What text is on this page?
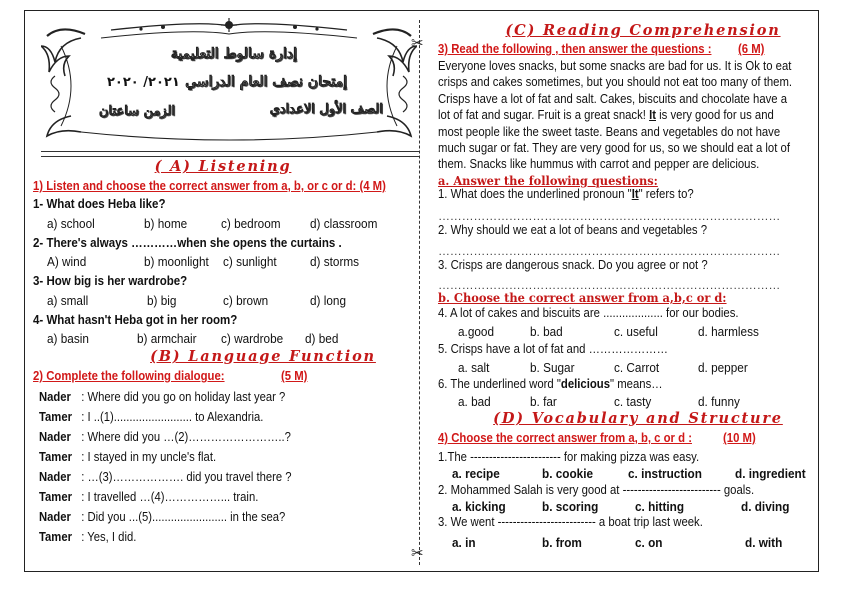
✂
✂
إدارة سالوط التعليمية
إمتحان نصف العام الدراسي
٢٠٢١/ ٢٠٢٠
الصف الأول الاعدادي
الزمن ساعتان
( A) Listening
1) Listen and choose the correct answer from a, b, or c or d: (4 M)
1- What does Heba like?
a) school	b) home	c) bedroom d) classroom
2- There's always …………when she opens the curtains .
A) wind	b) moonlight c) sunlight	d) storms
3- How big is her wardrobe?
a) small	b) big	c) brown	d) long
4- What hasn't Heba got in her room?
a) basin	b) armchair c) wardrobe d) bed
(B) Language Function
2) Complete the following dialogue:	(5 M)
Nader : Where did you go on holiday last year ?
Tamer : I ..(1)......................... to Alexandria.
Nader : Where did you …(2)……………………..?
Tamer : I stayed in my uncle's flat.
Nader : …(3)………………. did you travel there ?
Tamer : I travelled …(4)……………... train.
Nader : Did you ...(5)........................ in the sea?
Tamer : Yes, I did.
(C) Reading Comprehension
3) Read the following , then answer the questions : (6 M)
Everyone loves snacks, but some snacks are bad for us. It is Ok to eat
crisps and cakes sometimes, but you should not eat too many of them.
Crisps have a lot of fat and salt. Cakes, biscuits and chocolate have a
lot of fat and sugar. Fruit is a great snack! It is very good for us and
most people like the sweet taste. Beans and vegetables do not have
much sugar or fat. They are very good for us, so we should eat a lot of
them. Snacks like hummus with carrot and pepper are delicious.
a. Answer the following questions:
1. What does the underlined pronoun "It" refers to?
……………………………………………………………………………
2. Why should we eat a lot of beans and vegetables ?
……………………………………………………………………………
3. Crisps are dangerous snack. Do you agree or not ?
……………………………………………………………………………
b. Choose the correct answer from a,b,c or d:
4. A lot of cakes and biscuits are ................... for our bodies.
a.good	b. bad	c. useful	d. harmless
5. Crisps have a lot of fat and …………………
a. salt	b. Sugar	c. Carrot	d. pepper
6. The underlined word "delicious" means…
a. bad	b. far	c. tasty	d. funny
(D) Vocabulary and Structure
4) Choose the correct answer from a, b, c or d : (10 M)
1.The ------------------------ for making pizza was easy.
a. recipe	b. cookie	c. instruction	d. ingredient
2. Mohammed Salah is very good at -------------------------- goals.
a. kicking	b. scoring	c. hitting	d. diving
3. We went -------------------------- a boat trip last week.
a. in	b. from	c. on	d. with
